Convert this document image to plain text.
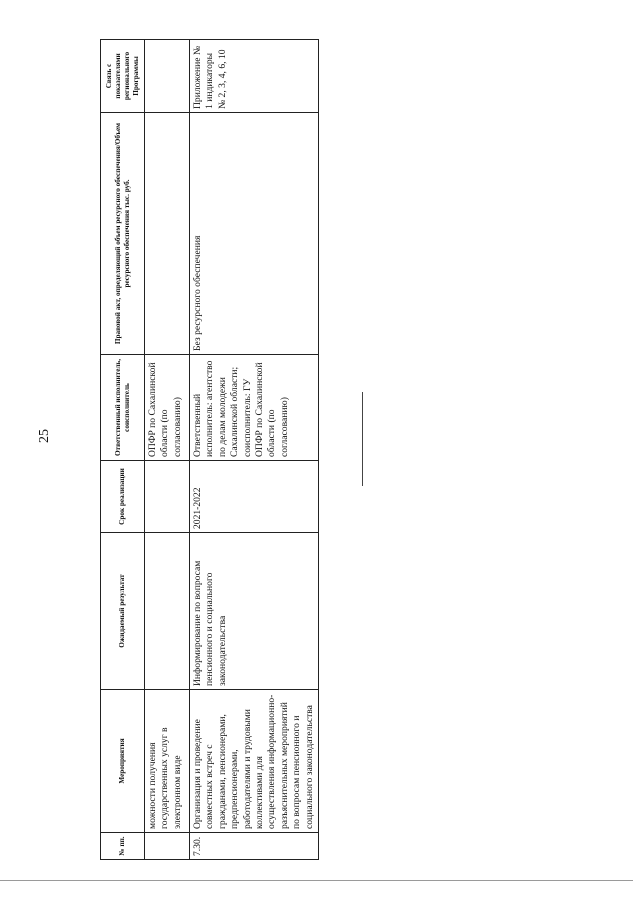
25
№ пп.	Мероприятия	Ожидаемый результат	Срок реализации	Ответственный исполнитель, соисполнитель	Правовой акт, определяющий объем ресурсного обеспечения/Объем ресурсного обеспечения тыс. руб.	Связь с показателями регионального Программы
	можности получения государственных услуг в электронном виде			ОПФР по Сахалинской области (по согласованию)		
7.30.	Организация и проведение совместных встреч с гражданами, пенсионерами, предпенсионерами, работодателями и трудовыми коллективами для осуществления информационно-разъяснительных мероприятий по вопросам пенсионного и социального законодательства	Информирование по вопросам пенсионного и социального законодательства	2021-2022	Ответственный исполнитель: агентство по делам молодежи Сахалинской области; соисполнитель: ГУ ОПФР по Сахалинской области (по согласованию)	Без ресурсного обеспечения	Приложение № 1 индикаторы № 2, 3, 4, 6, 10
